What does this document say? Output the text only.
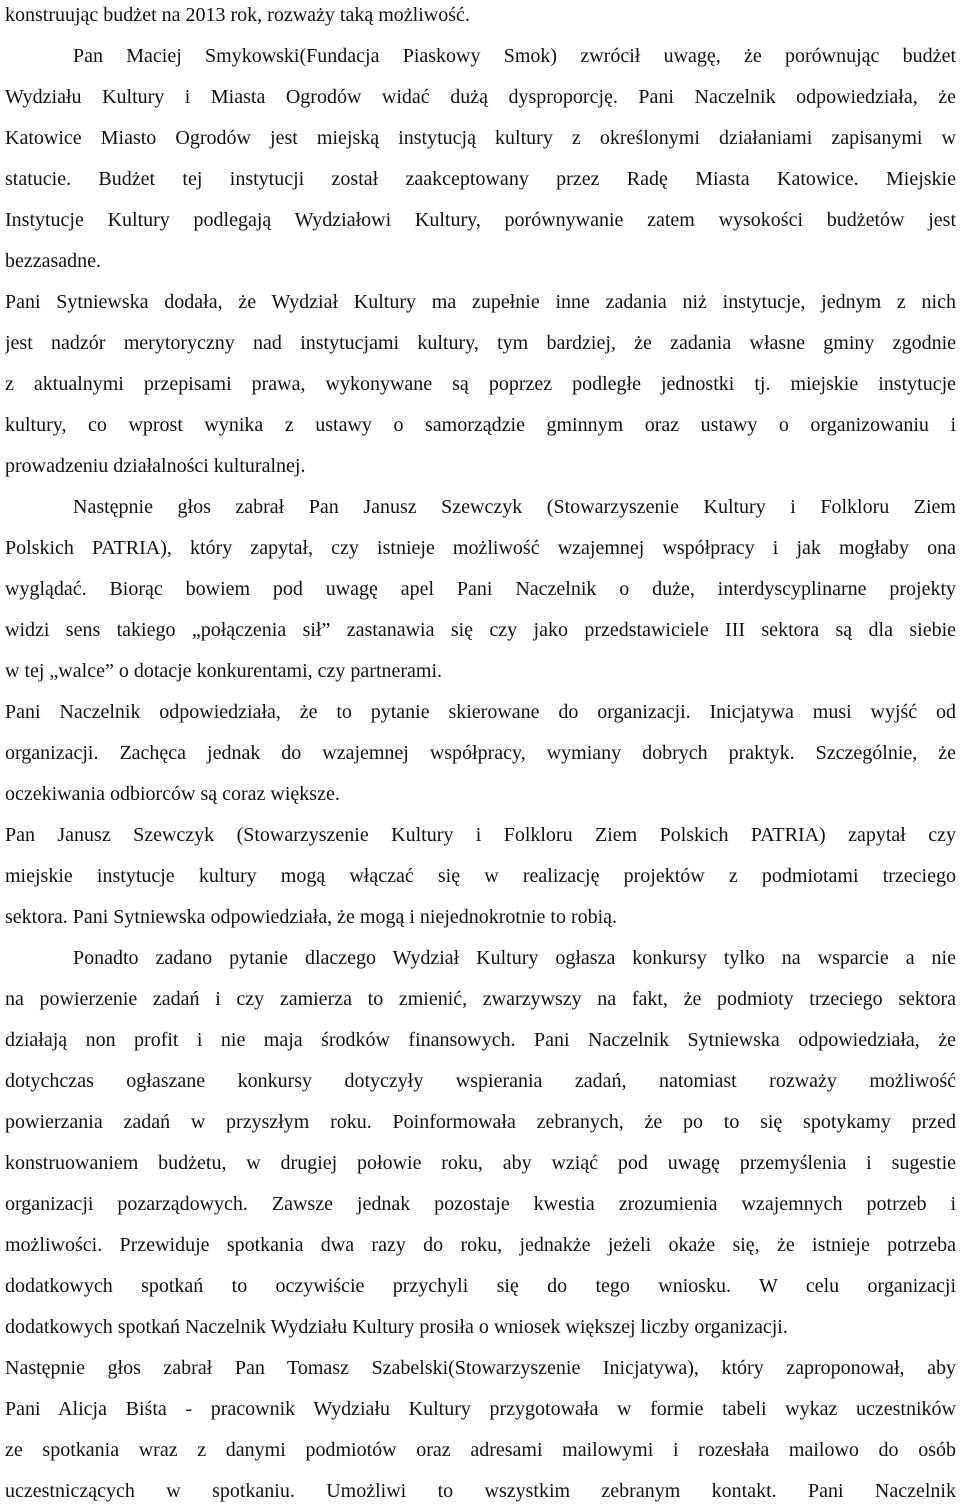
konstruując budżet na 2013 rok, rozważy taką możliwość.
Pan Maciej Smykowski(Fundacja Piaskowy Smok) zwrócił uwagę, że porównując budżet
Wydziału Kultury i Miasta Ogrodów widać dużą dysproporcję. Pani Naczelnik odpowiedziała, że
Katowice Miasto Ogrodów jest miejską instytucją kultury z określonymi działaniami zapisanymi w
statucie. Budżet tej instytucji został zaakceptowany przez Radę Miasta Katowice. Miejskie
Instytucje Kultury podlegają Wydziałowi Kultury, porównywanie zatem wysokości budżetów jest
bezzasadne.
Pani Sytniewska dodała, że Wydział Kultury ma zupełnie inne zadania niż instytucje, jednym z nich
jest nadzór merytoryczny nad instytucjami kultury, tym bardziej, że zadania własne gminy zgodnie
z aktualnymi przepisami prawa, wykonywane są poprzez podległe jednostki tj. miejskie instytucje
kultury, co wprost wynika z ustawy o samorządzie gminnym oraz ustawy o organizowaniu i
prowadzeniu działalności kulturalnej.
Następnie głos zabrał Pan Janusz Szewczyk (Stowarzyszenie Kultury i Folkloru Ziem
Polskich PATRIA), który zapytał, czy istnieje możliwość wzajemnej współpracy i jak mogłaby ona
wyglądać. Biorąc bowiem pod uwagę apel Pani Naczelnik o duże, interdyscyplinarne projekty
widzi sens takiego „połączenia sił” zastanawia się czy jako przedstawiciele III sektora są dla siebie
w tej „walce” o dotacje konkurentami, czy partnerami.
Pani Naczelnik odpowiedziała, że to pytanie skierowane do organizacji. Inicjatywa musi wyjść od
organizacji. Zachęca jednak do wzajemnej współpracy, wymiany dobrych praktyk. Szczególnie, że
oczekiwania odbiorców są coraz większe.
Pan Janusz Szewczyk (Stowarzyszenie Kultury i Folkloru Ziem Polskich PATRIA) zapytał czy
miejskie instytucje kultury mogą włączać się w realizację projektów z podmiotami trzeciego
sektora. Pani Sytniewska odpowiedziała, że mogą i niejednokrotnie to robią.
Ponadto zadano pytanie dlaczego Wydział Kultury ogłasza konkursy tylko na wsparcie a nie
na powierzenie zadań i czy zamierza to zmienić, zwarzywszy na fakt, że podmioty trzeciego sektora
działają non profit i nie maja środków finansowych. Pani Naczelnik Sytniewska odpowiedziała, że
dotychczas ogłaszane konkursy dotyczyły wspierania zadań, natomiast rozważy możliwość
powierzania zadań w przyszłym roku. Poinformowała zebranych, że po to się spotykamy przed
konstruowaniem budżetu, w drugiej połowie roku, aby wziąć pod uwagę przemyślenia i sugestie
organizacji pozarządowych. Zawsze jednak pozostaje kwestia zrozumienia wzajemnych potrzeb i
możliwości. Przewiduje spotkania dwa razy do roku, jednakże jeżeli okaże się, że istnieje potrzeba
dodatkowych spotkań to oczywiście przychyli się do tego wniosku. W celu organizacji
dodatkowych spotkań Naczelnik Wydziału Kultury prosiła o wniosek większej liczby organizacji.
Następnie głos zabrał Pan Tomasz Szabelski(Stowarzyszenie Inicjatywa), który zaproponował, aby
Pani Alicja Biśta - pracownik Wydziału Kultury przygotowała w formie tabeli wykaz uczestników
ze spotkania wraz z danymi podmiotów oraz adresami mailowymi i rozesłała mailowo do osób
uczestniczących w spotkaniu. Umożliwi to wszystkim zebranym kontakt. Pani Naczelnik
